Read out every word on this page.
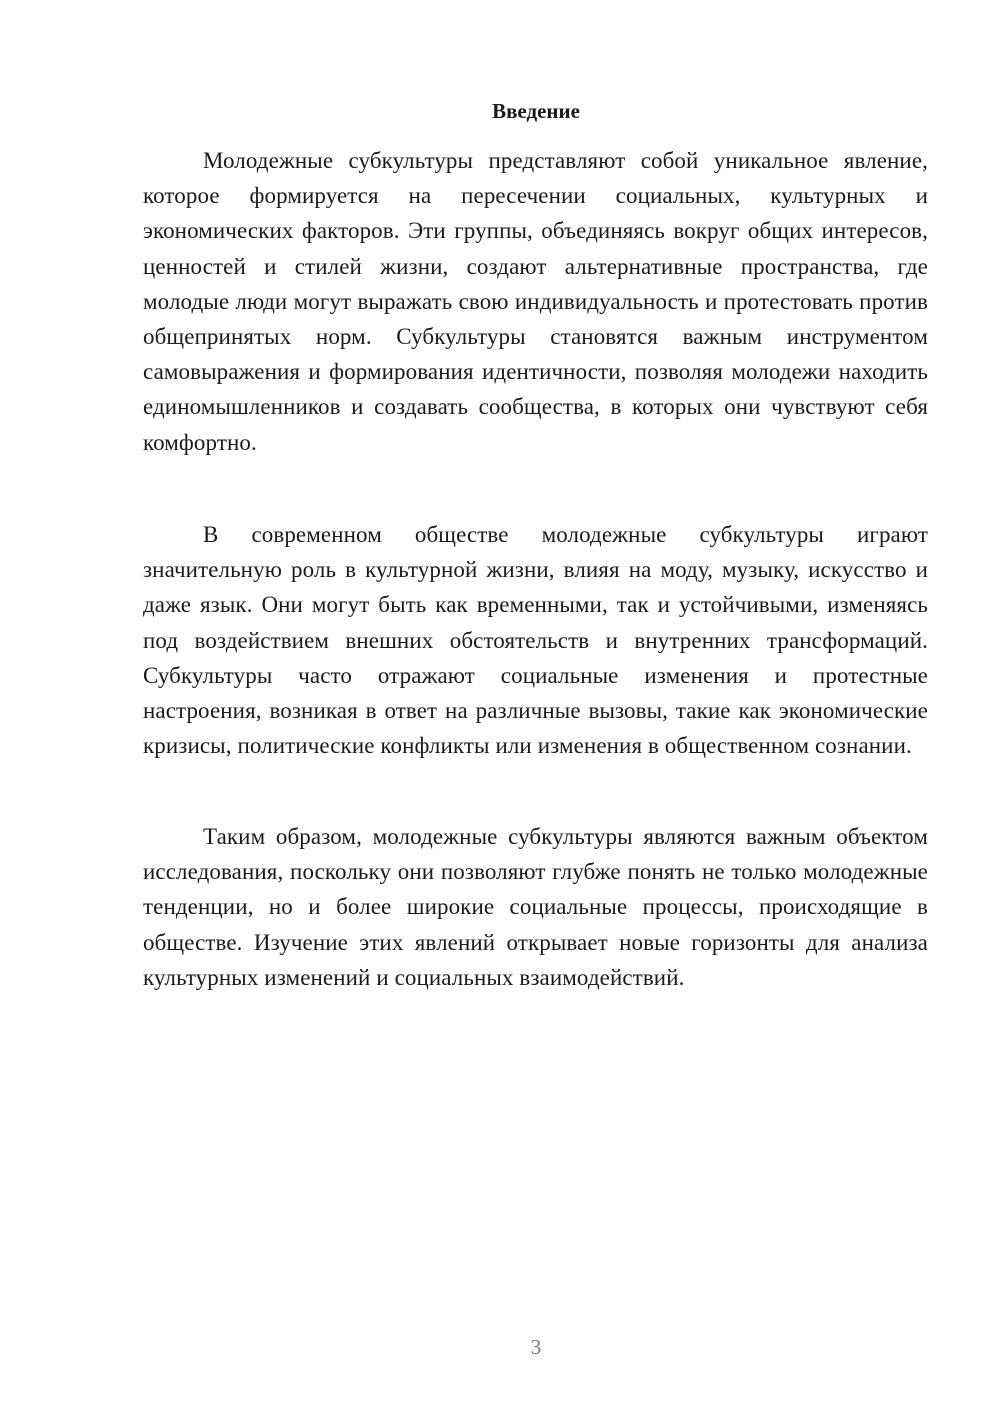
Введение

Молодежные субкультуры представляют собой уникальное явление, которое формируется на пересечении социальных, культурных и экономических факторов. Эти группы, объединяясь вокруг общих интересов, ценностей и стилей жизни, создают альтернативные пространства, где молодые люди могут выражать свою индивидуальность и протестовать против общепринятых норм. Субкультуры становятся важным инструментом самовыражения и формирования идентичности, позволяя молодежи находить единомышленников и создавать сообщества, в которых они чувствуют себя комфортно.

В современном обществе молодежные субкультуры играют значительную роль в культурной жизни, влияя на моду, музыку, искусство и даже язык. Они могут быть как временными, так и устойчивыми, изменяясь под воздействием внешних обстоятельств и внутренних трансформаций. Субкультуры часто отражают социальные изменения и протестные настроения, возникая в ответ на различные вызовы, такие как экономические кризисы, политические конфликты или изменения в общественном сознании.

Таким образом, молодежные субкультуры являются важным объектом исследования, поскольку они позволяют глубже понять не только молодежные тенденции, но и более широкие социальные процессы, происходящие в обществе. Изучение этих явлений открывает новые горизонты для анализа культурных изменений и социальных взаимодействий.

3
